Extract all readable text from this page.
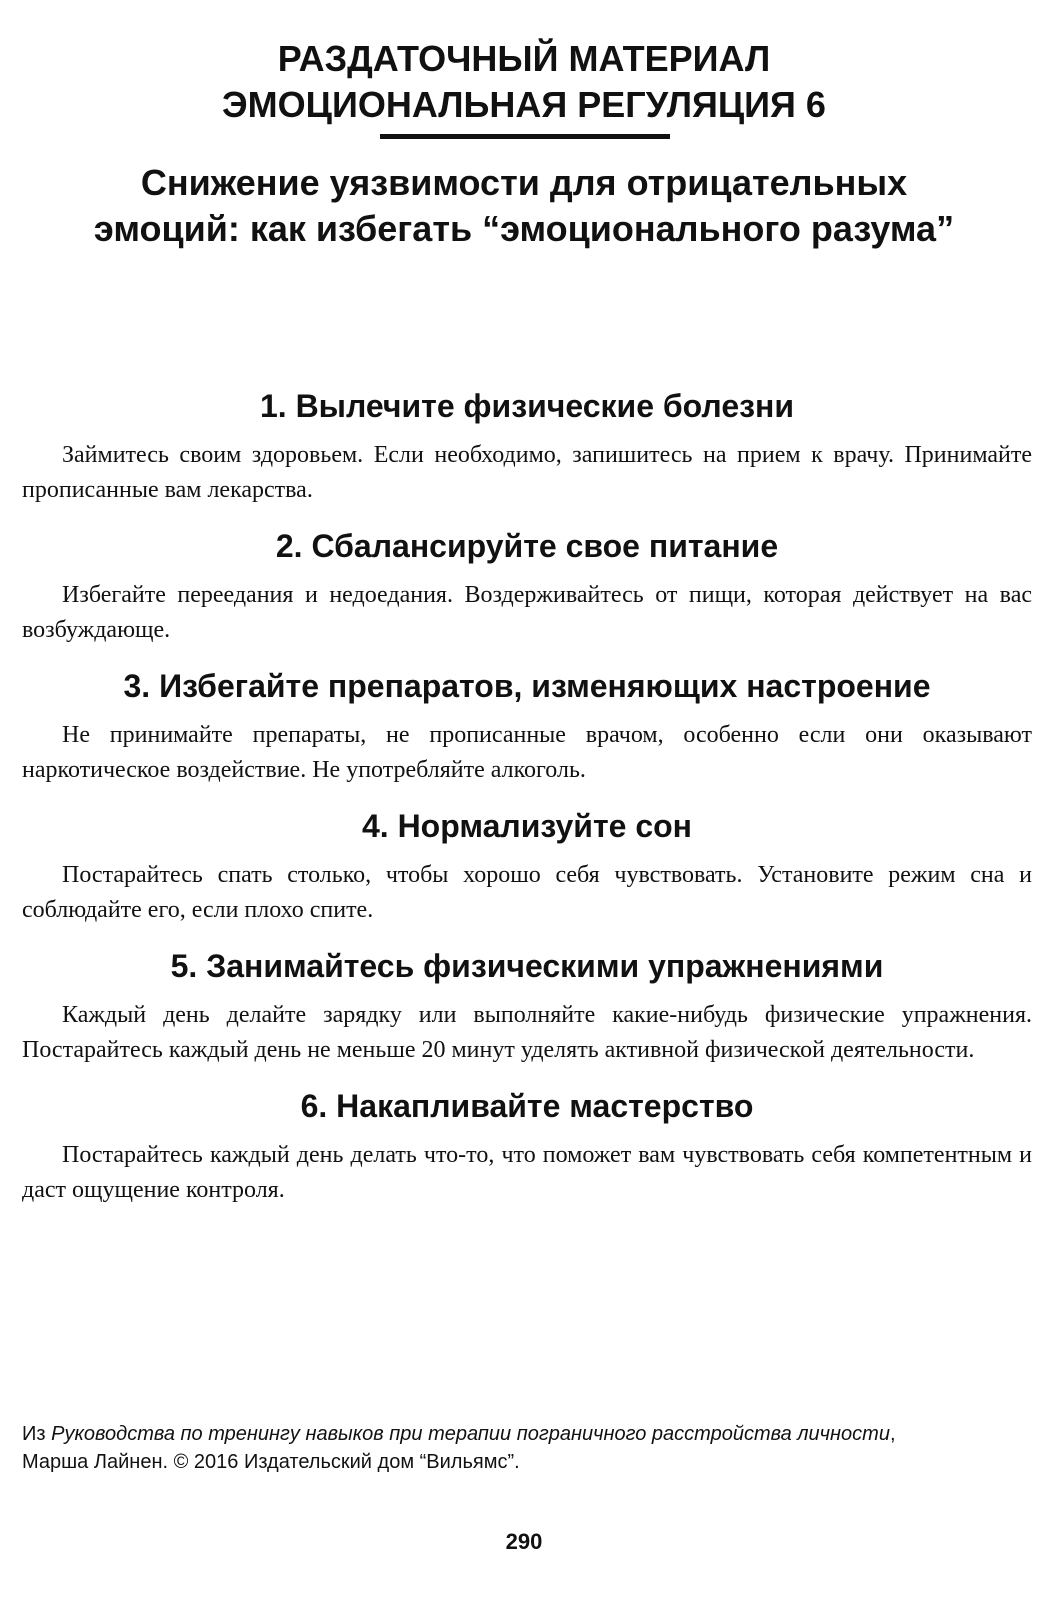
РАЗДАТОЧНЫЙ МАТЕРИАЛ
ЭМОЦИОНАЛЬНАЯ РЕГУЛЯЦИЯ 6
Снижение уязвимости для отрицательных
эмоций: как избегать “эмоционального разума”
1. Вылечите физические болезни
Займитесь своим здоровьем. Если необходимо, запишитесь на прием к врачу. Принимайте прописанные вам лекарства.
2. Сбалансируйте свое питание
Избегайте переедания и недоедания. Воздерживайтесь от пищи, которая действует на вас возбуждающе.
3. Избегайте препаратов, изменяющих настроение
Не принимайте препараты, не прописанные врачом, особенно если они оказывают наркотическое воздействие. Не употребляйте алкоголь.
4. Нормализуйте сон
Постарайтесь спать столько, чтобы хорошо себя чувствовать. Установите режим сна и соблюдайте его, если плохо спите.
5. Занимайтесь физическими упражнениями
Каждый день делайте зарядку или выполняйте какие-нибудь физические упражнения. Постарайтесь каждый день не меньше 20 минут уделять активной физической деятельности.
6. Накапливайте мастерство
Постарайтесь каждый день делать что-то, что поможет вам чувствовать себя компетентным и даст ощущение контроля.
Из Руководства по тренингу навыков при терапии пограничного расстройства личности,
Марша Лайнен. © 2016 Издательский дом “Вильямс”.
290
